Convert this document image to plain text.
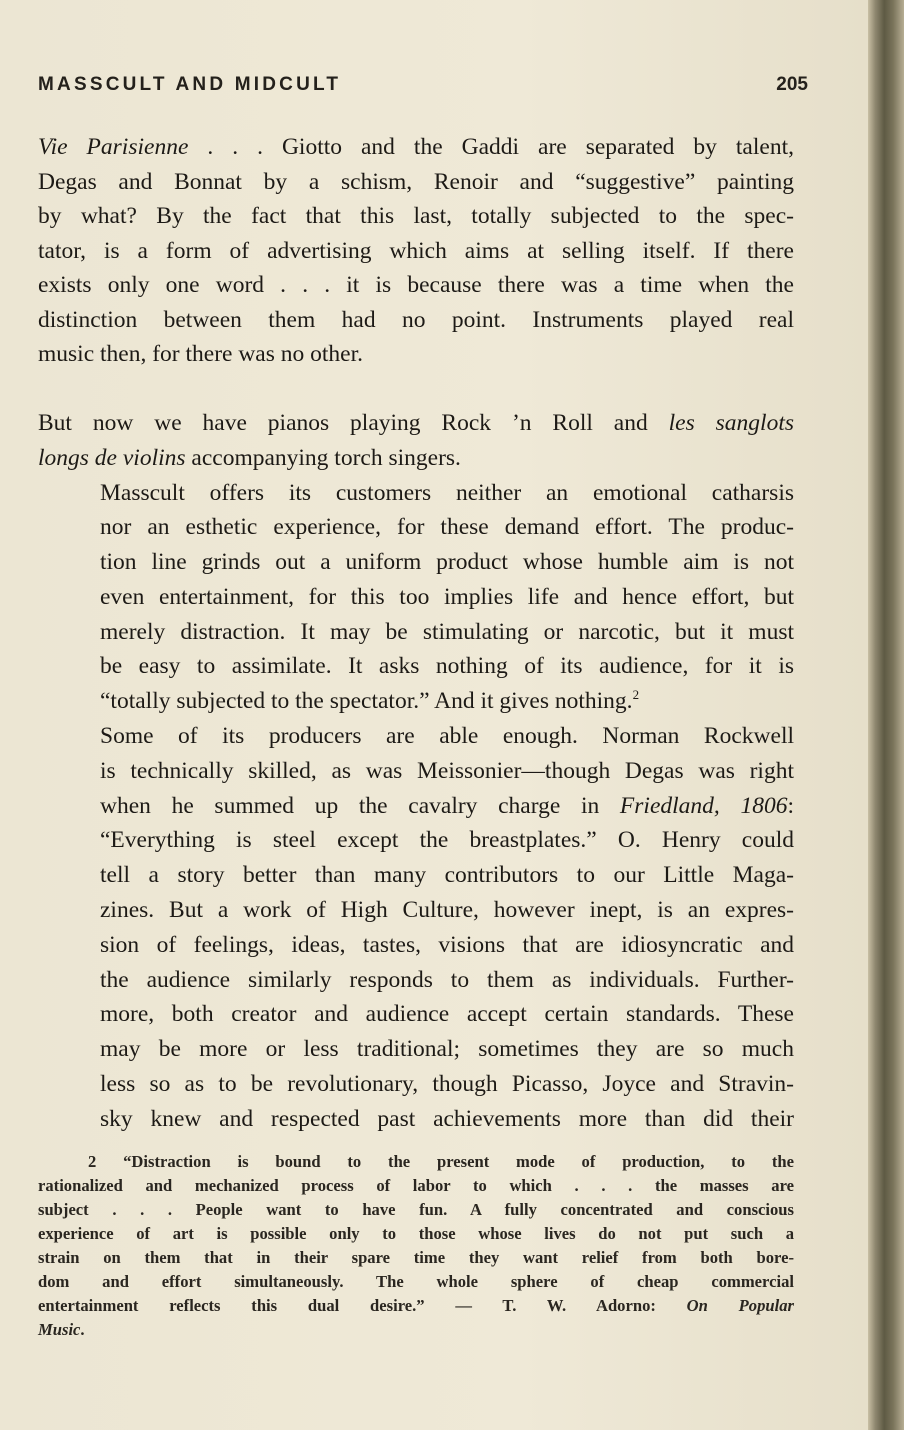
MASSCULT AND MIDCULT	205

Vie Parisienne . . . Giotto and the Gaddi are separated by talent,
Degas and Bonnat by a schism, Renoir and “suggestive” painting
by what? By the fact that this last, totally subjected to the spec-
tator, is a form of advertising which aims at selling itself. If there
exists only one word . . . it is because there was a time when the
distinction between them had no point. Instruments played real
music then, for there was no other.

But now we have pianos playing Rock ’n Roll and les sanglots
longs de violins accompanying torch singers.

Masscult offers its customers neither an emotional catharsis
nor an esthetic experience, for these demand effort. The produc-
tion line grinds out a uniform product whose humble aim is not
even entertainment, for this too implies life and hence effort, but
merely distraction. It may be stimulating or narcotic, but it must
be easy to assimilate. It asks nothing of its audience, for it is
“totally subjected to the spectator.” And it gives nothing.$^2$

Some of its producers are able enough. Norman Rockwell
is technically skilled, as was Meissonier—though Degas was right
when he summed up the cavalry charge in Friedland, 1806:
“Everything is steel except the breastplates.” O. Henry could
tell a story better than many contributors to our Little Maga-
zines. But a work of High Culture, however inept, is an expres-
sion of feelings, ideas, tastes, visions that are idiosyncratic and
the audience similarly responds to them as individuals. Further-
more, both creator and audience accept certain standards. These
may be more or less traditional; sometimes they are so much
less so as to be revolutionary, though Picasso, Joyce and Stravin-
sky knew and respected past achievements more than did their

2 “Distraction is bound to the present mode of production, to the
rationalized and mechanized process of labor to which . . . the masses are
subject . . . People want to have fun. A fully concentrated and conscious
experience of art is possible only to those whose lives do not put such a
strain on them that in their spare time they want relief from both bore-
dom and effort simultaneously. The whole sphere of cheap commercial
entertainment reflects this dual desire.” — T. W. Adorno: On Popular
Music.
